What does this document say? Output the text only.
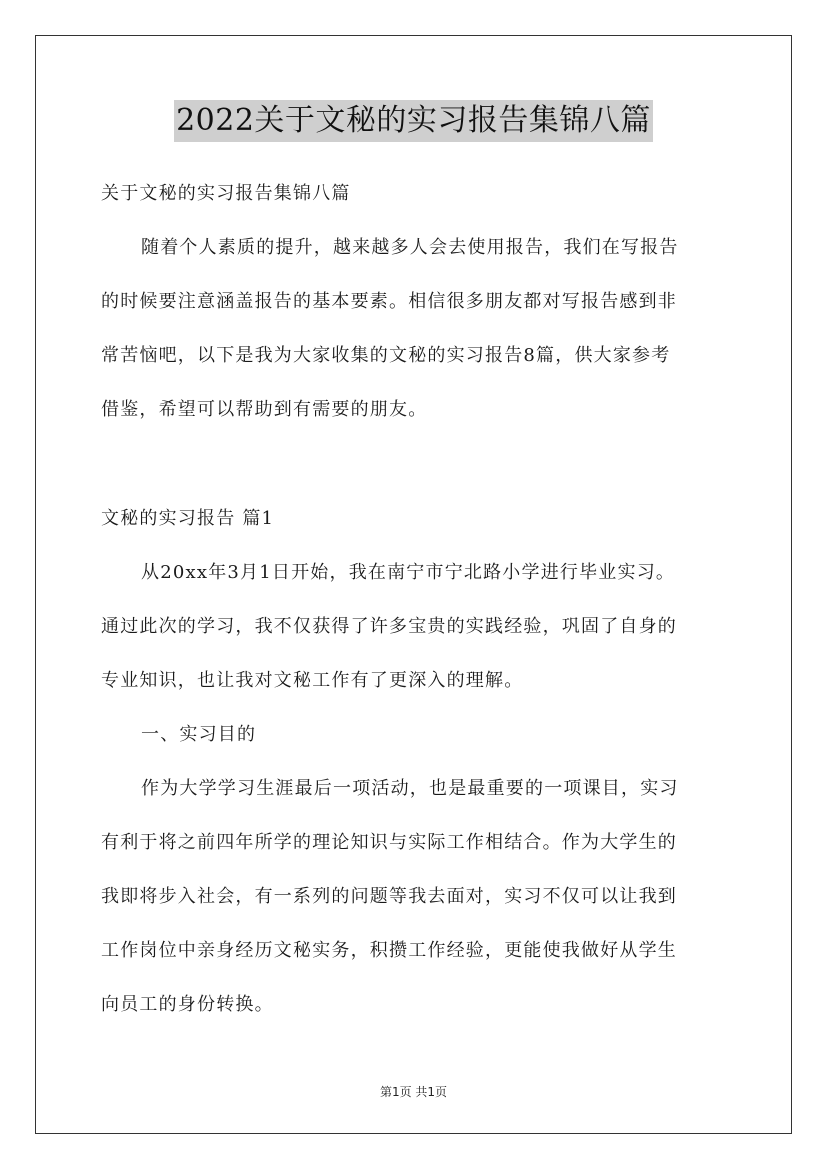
2022关于文秘的实习报告集锦八篇
关于文秘的实习报告集锦八篇
随着个人素质的提升，越来越多人会去使用报告，我们在写报告
的时候要注意涵盖报告的基本要素。相信很多朋友都对写报告感到非
常苦恼吧，以下是我为大家收集的文秘的实习报告8篇，供大家参考
借鉴，希望可以帮助到有需要的朋友。
文秘的实习报告 篇1
从20xx年3月1日开始，我在南宁市宁北路小学进行毕业实习。
通过此次的学习，我不仅获得了许多宝贵的实践经验，巩固了自身的
专业知识，也让我对文秘工作有了更深入的理解。
一、实习目的
作为大学学习生涯最后一项活动，也是最重要的一项课目，实习
有利于将之前四年所学的理论知识与实际工作相结合。作为大学生的
我即将步入社会，有一系列的问题等我去面对，实习不仅可以让我到
工作岗位中亲身经历文秘实务，积攒工作经验，更能使我做好从学生
向员工的身份转换。
第1页 共1页
